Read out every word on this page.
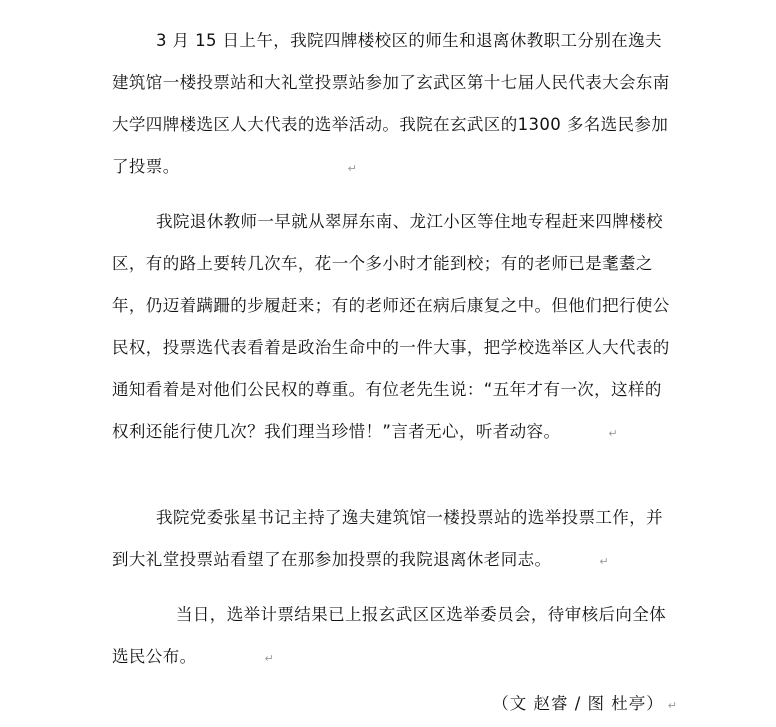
3 月 15 日上午，我院四牌楼校区的师生和退离休教职工分别在逸夫建筑馆一楼投票站和大礼堂投票站参加了玄武区第十七届人民代表大会东南大学四牌楼选区人大代表的选举活动。我院在玄武区的1300 多名选民参加了投票。	↵

我院退休教师一早就从翠屏东南、龙江小区等住地专程赶来四牌楼校区，有的路上要转几次车，花一个多小时才能到校；有的老师已是耄耋之年，仍迈着蹒跚的步履赶来；有的老师还在病后康复之中。但他们把行使公民权，投票选代表看着是政治生命中的一件大事，把学校选举区人大代表的通知看着是对他们公民权的尊重。有位老先生说：“五年才有一次，这样的权利还能行使几次？我们理当珍惜！”言者无心，听者动容。	↵

我院党委张星书记主持了逸夫建筑馆一楼投票站的选举投票工作，并到大礼堂投票站看望了在那参加投票的我院退离休老同志。	↵

当日，选举计票结果已上报玄武区区选举委员会，待审核后向全体选民公布。	↵

（文 赵睿 / 图 杜亭） ↵
